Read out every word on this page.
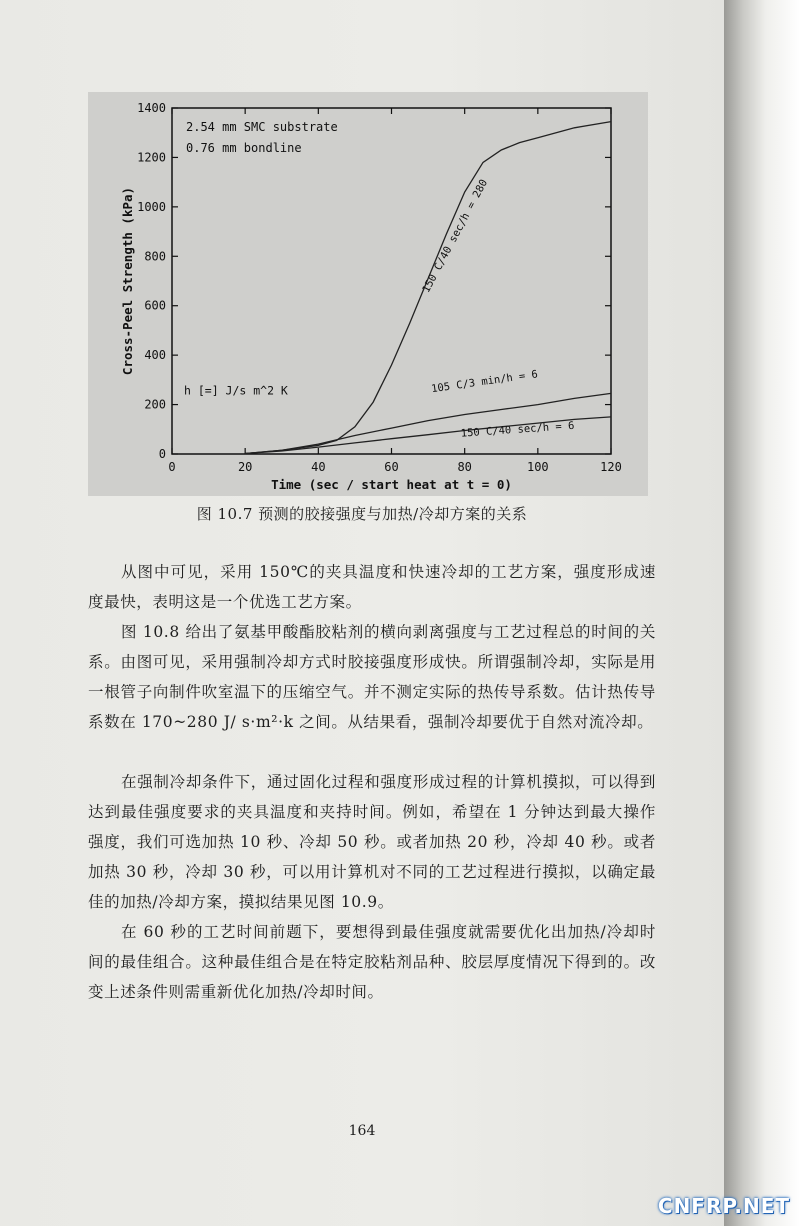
0	20	40	60	80	100	120
0
200
400
600
800
1000
1200
1400
Time (sec / start heat at t = 0)
Cross-Peel Strength (kPa)
2.54 mm SMC substrate
0.76 mm bondline
h [=] J/s m^2 K
150 C/40 sec/h = 280
105 C/3 min/h = 6
150 C/40 sec/h = 6
图 10.7 预测的胶接强度与加热/冷却方案的关系

从图中可见，采用 150℃的夹具温度和快速冷却的工艺方案，强度形成速度最快，表明这是一个优选工艺方案。

图 10.8 给出了氨基甲酸酯胶粘剂的横向剥离强度与工艺过程总的时间的关系。由图可见，采用强制冷却方式时胶接强度形成快。所谓强制冷却，实际是用一根管子向制件吹室温下的压缩空气。并不测定实际的热传导系数。估计热传导系数在 170~280 J/ s·m²·k 之间。从结果看，强制冷却要优于自然对流冷却。

在强制冷却条件下，通过固化过程和强度形成过程的计算机摸拟，可以得到达到最佳强度要求的夹具温度和夹持时间。例如，希望在 1 分钟达到最大操作强度，我们可选加热 10 秒、冷却 50 秒。或者加热 20 秒，冷却 40 秒。或者加热 30 秒，冷却 30 秒，可以用计算机对不同的工艺过程进行摸拟，以确定最佳的加热/冷却方案，摸拟结果见图 10.9。

在 60 秒的工艺时间前题下，要想得到最佳强度就需要优化出加热/冷却时间的最佳组合。这种最佳组合是在特定胶粘剂品种、胶层厚度情况下得到的。改变上述条件则需重新优化加热/冷却时间。

164
CNFRP.NET
